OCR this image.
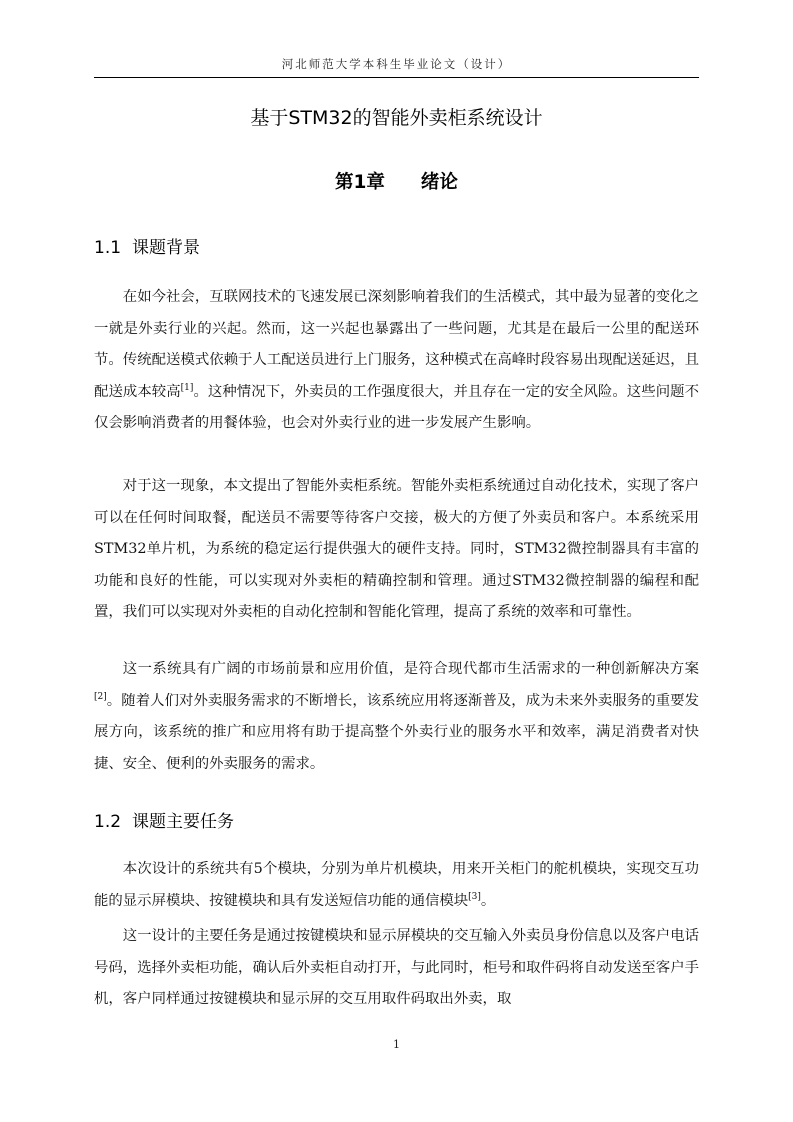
河北师范大学本科生毕业论文（设计）
基于STM32的智能外卖柜系统设计
第1章 绪论
1.1 课题背景

在如今社会，互联网技术的飞速发展已深刻影响着我们的生活模式，其中最为显著的变化之一就是外卖行业的兴起。然而，这一兴起也暴露出了一些问题，尤其是在最后一公里的配送环节。传统配送模式依赖于人工配送员进行上门服务，这种模式在高峰时段容易出现配送延迟，且配送成本较高[1]。这种情况下，外卖员的工作强度很大，并且存在一定的安全风险。这些问题不仅会影响消费者的用餐体验，也会对外卖行业的进一步发展产生影响。

对于这一现象，本文提出了智能外卖柜系统。智能外卖柜系统通过自动化技术，实现了客户可以在任何时间取餐，配送员不需要等待客户交接，极大的方便了外卖员和客户。本系统采用STM32单片机，为系统的稳定运行提供强大的硬件支持。同时，STM32微控制器具有丰富的功能和良好的性能，可以实现对外卖柜的精确控制和管理。通过STM32微控制器的编程和配置，我们可以实现对外卖柜的自动化控制和智能化管理，提高了系统的效率和可靠性。

这一系统具有广阔的市场前景和应用价值，是符合现代都市生活需求的一种创新解决方案[2]。随着人们对外卖服务需求的不断增长，该系统应用将逐渐普及，成为未来外卖服务的重要发展方向，该系统的推广和应用将有助于提高整个外卖行业的服务水平和效率，满足消费者对快捷、安全、便利的外卖服务的需求。

1.2 课题主要任务

本次设计的系统共有5个模块，分别为单片机模块，用来开关柜门的舵机模块，实现交互功能的显示屏模块、按键模块和具有发送短信功能的通信模块[3]。

这一设计的主要任务是通过按键模块和显示屏模块的交互输入外卖员身份信息以及客户电话号码，选择外卖柜功能，确认后外卖柜自动打开，与此同时，柜号和取件码将自动发送至客户手机，客户同样通过按键模块和显示屏的交互用取件码取出外卖，取

1
